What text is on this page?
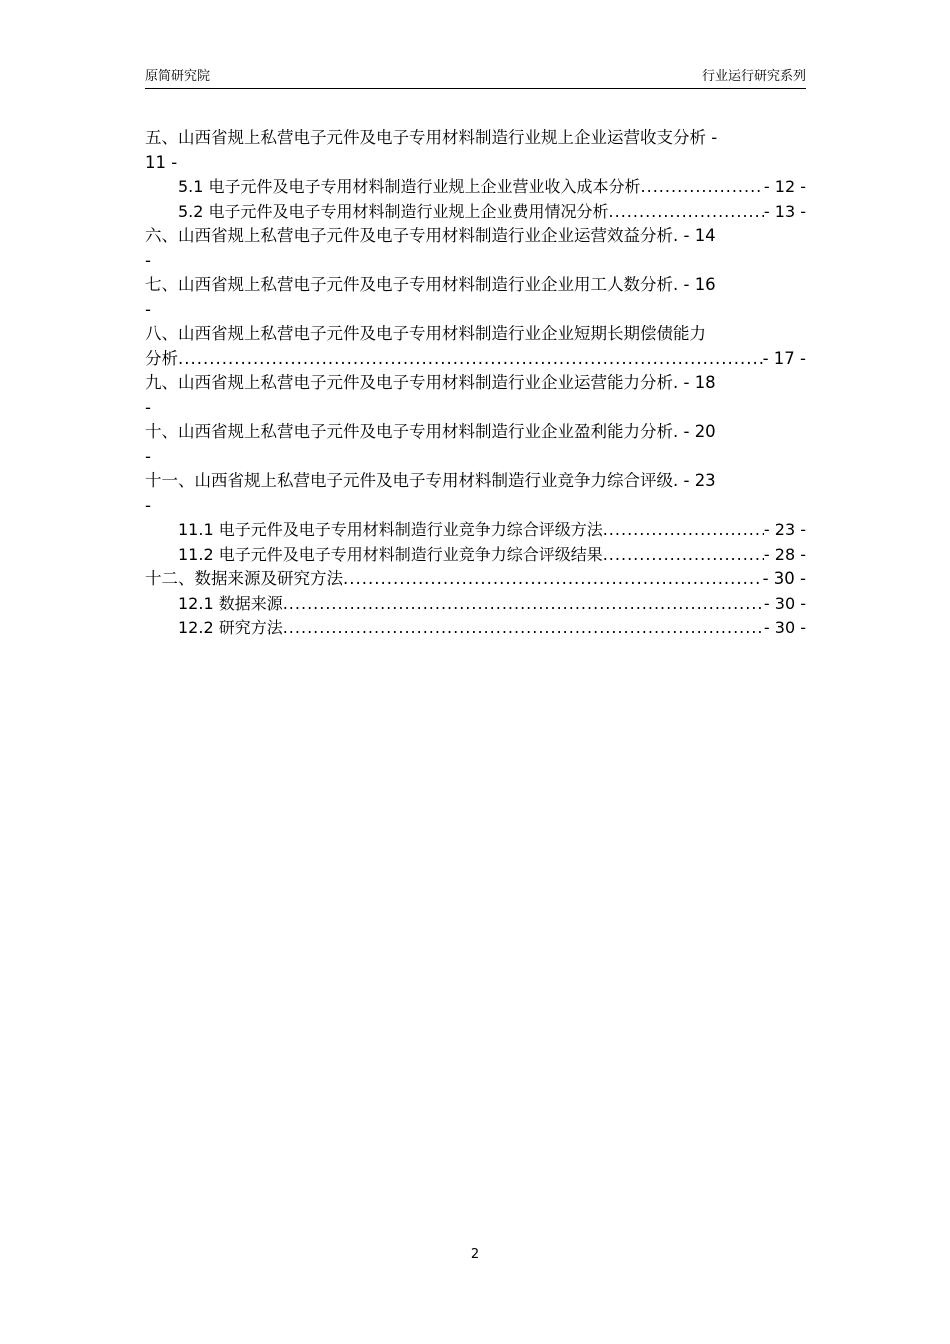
原简研究院	行业运行研究系列
五、山西省规上私营电子元件及电子专用材料制造行业规上企业运营收支分析 -
11 -
5.1 电子元件及电子专用材料制造行业规上企业营业收入成本分析 .....	- 12 -
5.2 电子元件及电子专用材料制造行业规上企业费用情况分析 .....	- 13 -
六、山西省规上私营电子元件及电子专用材料制造行业企业运营效益分析. - 14
-
七、山西省规上私营电子元件及电子专用材料制造行业企业用工人数分析. - 16
-
八、山西省规上私营电子元件及电子专用材料制造行业企业短期长期偿债能力
分析 .....	- 17 -
九、山西省规上私营电子元件及电子专用材料制造行业企业运营能力分析. - 18
-
十、山西省规上私营电子元件及电子专用材料制造行业企业盈利能力分析. - 20
-
十一、山西省规上私营电子元件及电子专用材料制造行业竞争力综合评级. - 23
-
11.1 电子元件及电子专用材料制造行业竞争力综合评级方法 .....	- 23 -
11.2 电子元件及电子专用材料制造行业竞争力综合评级结果 .....	- 28 -
十二、数据来源及研究方法 .....	- 30 -
12.1 数据来源 .....	- 30 -
12.2 研究方法 .....	- 30 -
2
